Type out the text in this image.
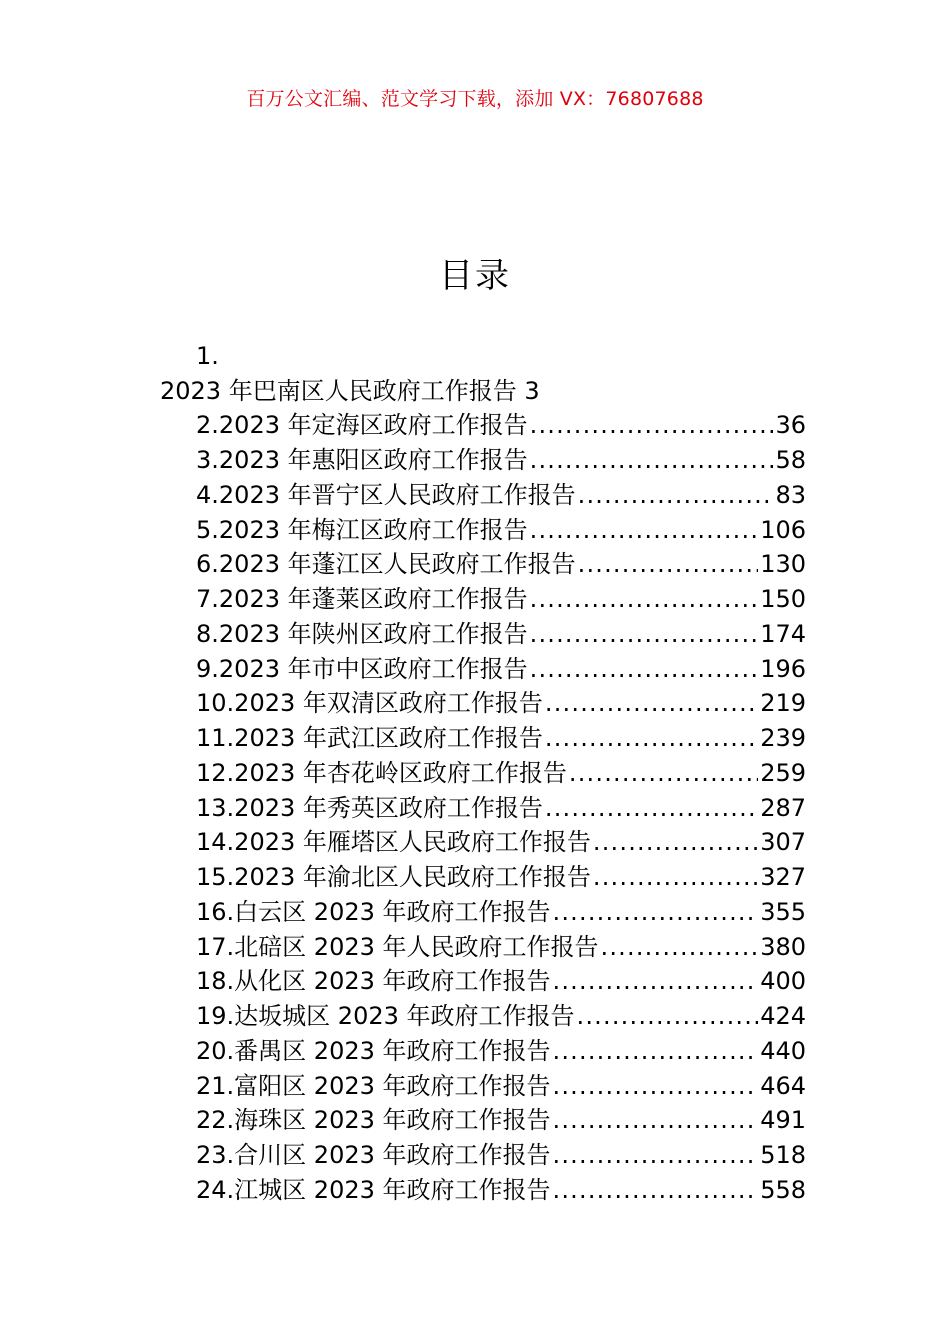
百万公文汇编、范文学习下载，添加 VX：76807688
目录
1.
2023 年巴南区人民政府工作报告 3
2.2023 年定海区政府工作报告 .....	36
3.2023 年惠阳区政府工作报告 .....	58
4.2023 年晋宁区人民政府工作报告 .....	83
5.2023 年梅江区政府工作报告 .....	106
6.2023 年蓬江区人民政府工作报告 .....	130
7.2023 年蓬莱区政府工作报告 .....	150
8.2023 年陕州区政府工作报告 .....	174
9.2023 年市中区政府工作报告 .....	196
10.2023 年双清区政府工作报告 .....	219
11.2023 年武江区政府工作报告 .....	239
12.2023 年杏花岭区政府工作报告 .....	259
13.2023 年秀英区政府工作报告 .....	287
14.2023 年雁塔区人民政府工作报告 .....	307
15.2023 年渝北区人民政府工作报告 .....	327
16.白云区 2023 年政府工作报告 .....	355
17.北碚区 2023 年人民政府工作报告 .....	380
18.从化区 2023 年政府工作报告 .....	400
19.达坂城区 2023 年政府工作报告 .....	424
20.番禺区 2023 年政府工作报告 .....	440
21.富阳区 2023 年政府工作报告 .....	464
22.海珠区 2023 年政府工作报告 .....	491
23.合川区 2023 年政府工作报告 .....	518
24.江城区 2023 年政府工作报告 .....	558
